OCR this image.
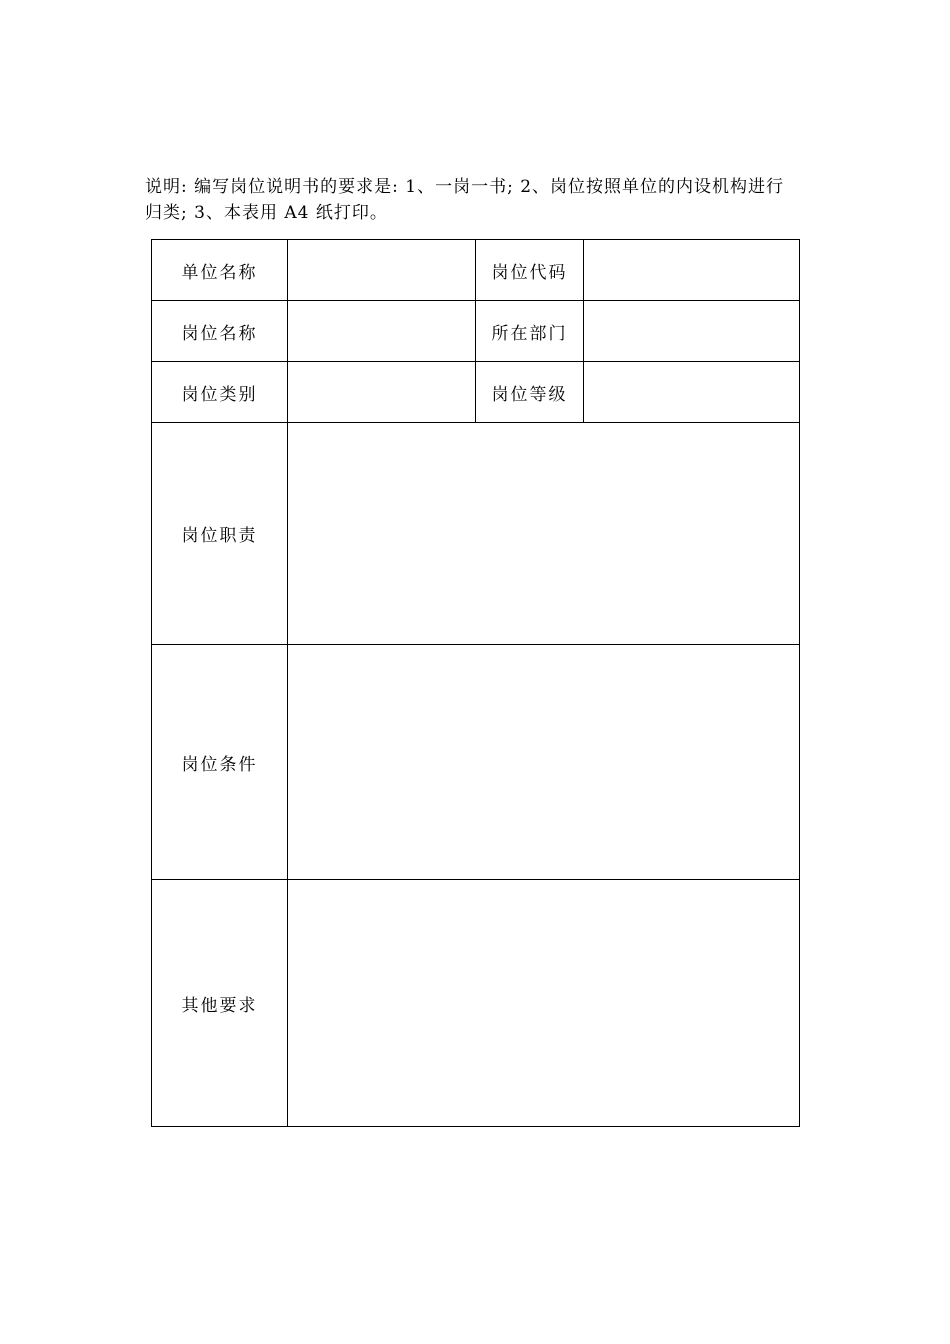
说明: 编写岗位说明书的要求是: 1、一岗一书; 2、岗位按照单位的内设机构进行
归类; 3、本表用 A4 纸打印。
单位名称		岗位代码	
岗位名称		所在部门	
岗位类别		岗位等级	
岗位职责			
岗位条件			
其他要求			
